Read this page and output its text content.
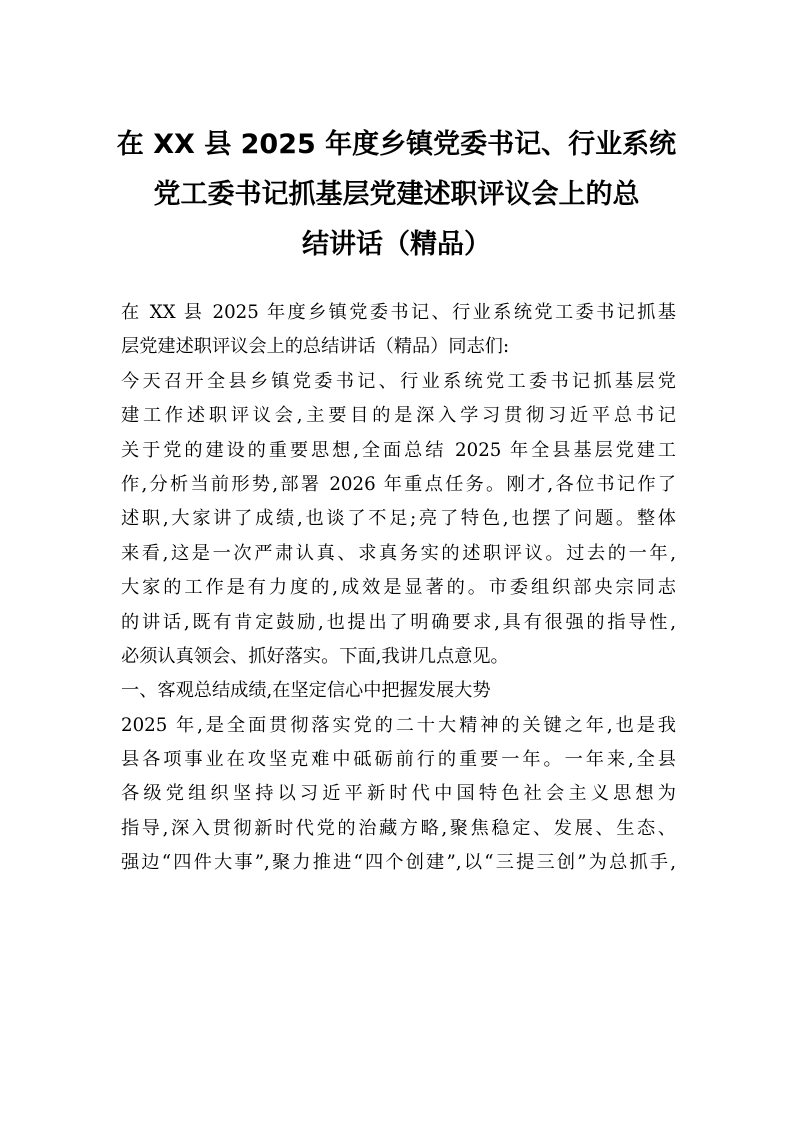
在 XX 县 2025 年度乡镇党委书记、行业系统
党工委书记抓基层党建述职评议会上的总
结讲话（精品）
在 XX 县 2025 年度乡镇党委书记、行业系统党工委书记抓基
层党建述职评议会上的总结讲话（精品）同志们:
今天召开全县乡镇党委书记、行业系统党工委书记抓基层党
建工作述职评议会,主要目的是深入学习贯彻习近平总书记
关于党的建设的重要思想,全面总结 2025 年全县基层党建工
作,分析当前形势,部署 2026 年重点任务。刚才,各位书记作了
述职,大家讲了成绩,也谈了不足;亮了特色,也摆了问题。整体
来看,这是一次严肃认真、求真务实的述职评议。过去的一年,
大家的工作是有力度的,成效是显著的。市委组织部央宗同志
的讲话,既有肯定鼓励,也提出了明确要求,具有很强的指导性,
必须认真领会、抓好落实。下面,我讲几点意见。
一、客观总结成绩,在坚定信心中把握发展大势
2025 年,是全面贯彻落实党的二十大精神的关键之年,也是我
县各项事业在攻坚克难中砥砺前行的重要一年。一年来,全县
各级党组织坚持以习近平新时代中国特色社会主义思想为
指导,深入贯彻新时代党的治藏方略,聚焦稳定、发展、生态、
强边“四件大事”,聚力推进“四个创建”,以“三提三创”为总抓手,
